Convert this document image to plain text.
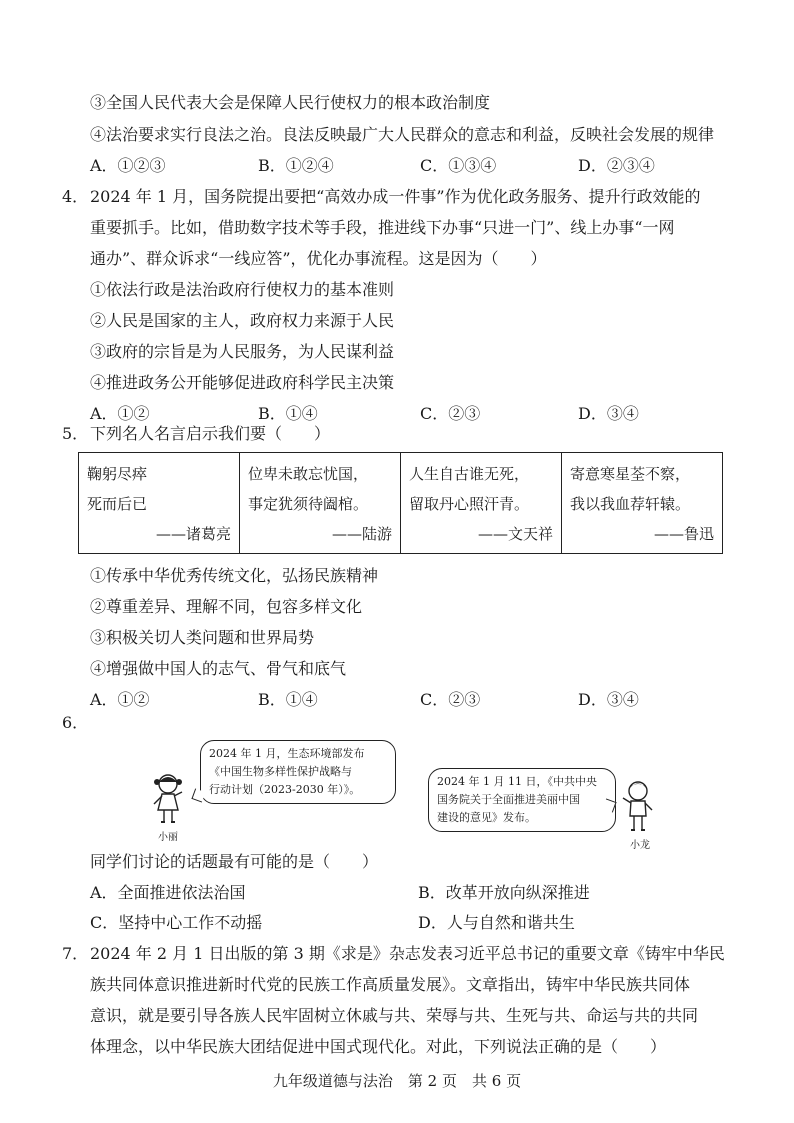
③全国人民代表大会是保障人民行使权力的根本政治制度
④法治要求实行良法之治。良法反映最广大人民群众的意志和利益，反映社会发展的规律
A．①②③	B．①②④	C．①③④	D．②③④
4． 2024 年 1 月，国务院提出要把“高效办成一件事”作为优化政务服务、提升行政效能的
重要抓手。比如，借助数字技术等手段，推进线下办事“只进一门”、线上办事“一网
通办”、群众诉求“一线应答”，优化办事流程。这是因为（　　）
①依法行政是法治政府行使权力的基本准则
②人民是国家的主人，政府权力来源于人民
③政府的宗旨是为人民服务，为人民谋利益
④推进政务公开能够促进政府科学民主决策
A．①②	B．①④	C．②③	D．③④
5． 下列名人名言启示我们要（　　）
鞠躬尽瘁
死而后已
——诸葛亮

位卑未敢忘忧国，
事定犹须待阖棺。
——陆游

人生自古谁无死，
留取丹心照汗青。
——文天祥

寄意寒星荃不察，
我以我血荐轩辕。
——鲁迅
①传承中华优秀传统文化，弘扬民族精神
②尊重差异、理解不同，包容多样文化
③积极关切人类问题和世界局势
④增强做中国人的志气、骨气和底气
A．①②	B．①④	C．②③	D．③④
6．
2024 年 1 月，生态环境部发布
《中国生物多样性保护战略与
行动计划（2023-2030 年）》。
2024 年 1 月 11 日，《中共中央
国务院关于全面推进美丽中国
建设的意见》发布。
小丽
小龙
同学们讨论的话题最有可能的是（　　）
A．全面推进依法治国	B．改革开放向纵深推进
C．坚持中心工作不动摇	D．人与自然和谐共生
7． 2024 年 2 月 1 日出版的第 3 期《求是》杂志发表习近平总书记的重要文章《铸牢中华民
族共同体意识推进新时代党的民族工作高质量发展》。文章指出，铸牢中华民族共同体
意识，就是要引导各族人民牢固树立休戚与共、荣辱与共、生死与共、命运与共的共同
体理念，以中华民族大团结促进中国式现代化。对此，下列说法正确的是（　　）
九年级道德与法治　第 2 页　共 6 页
